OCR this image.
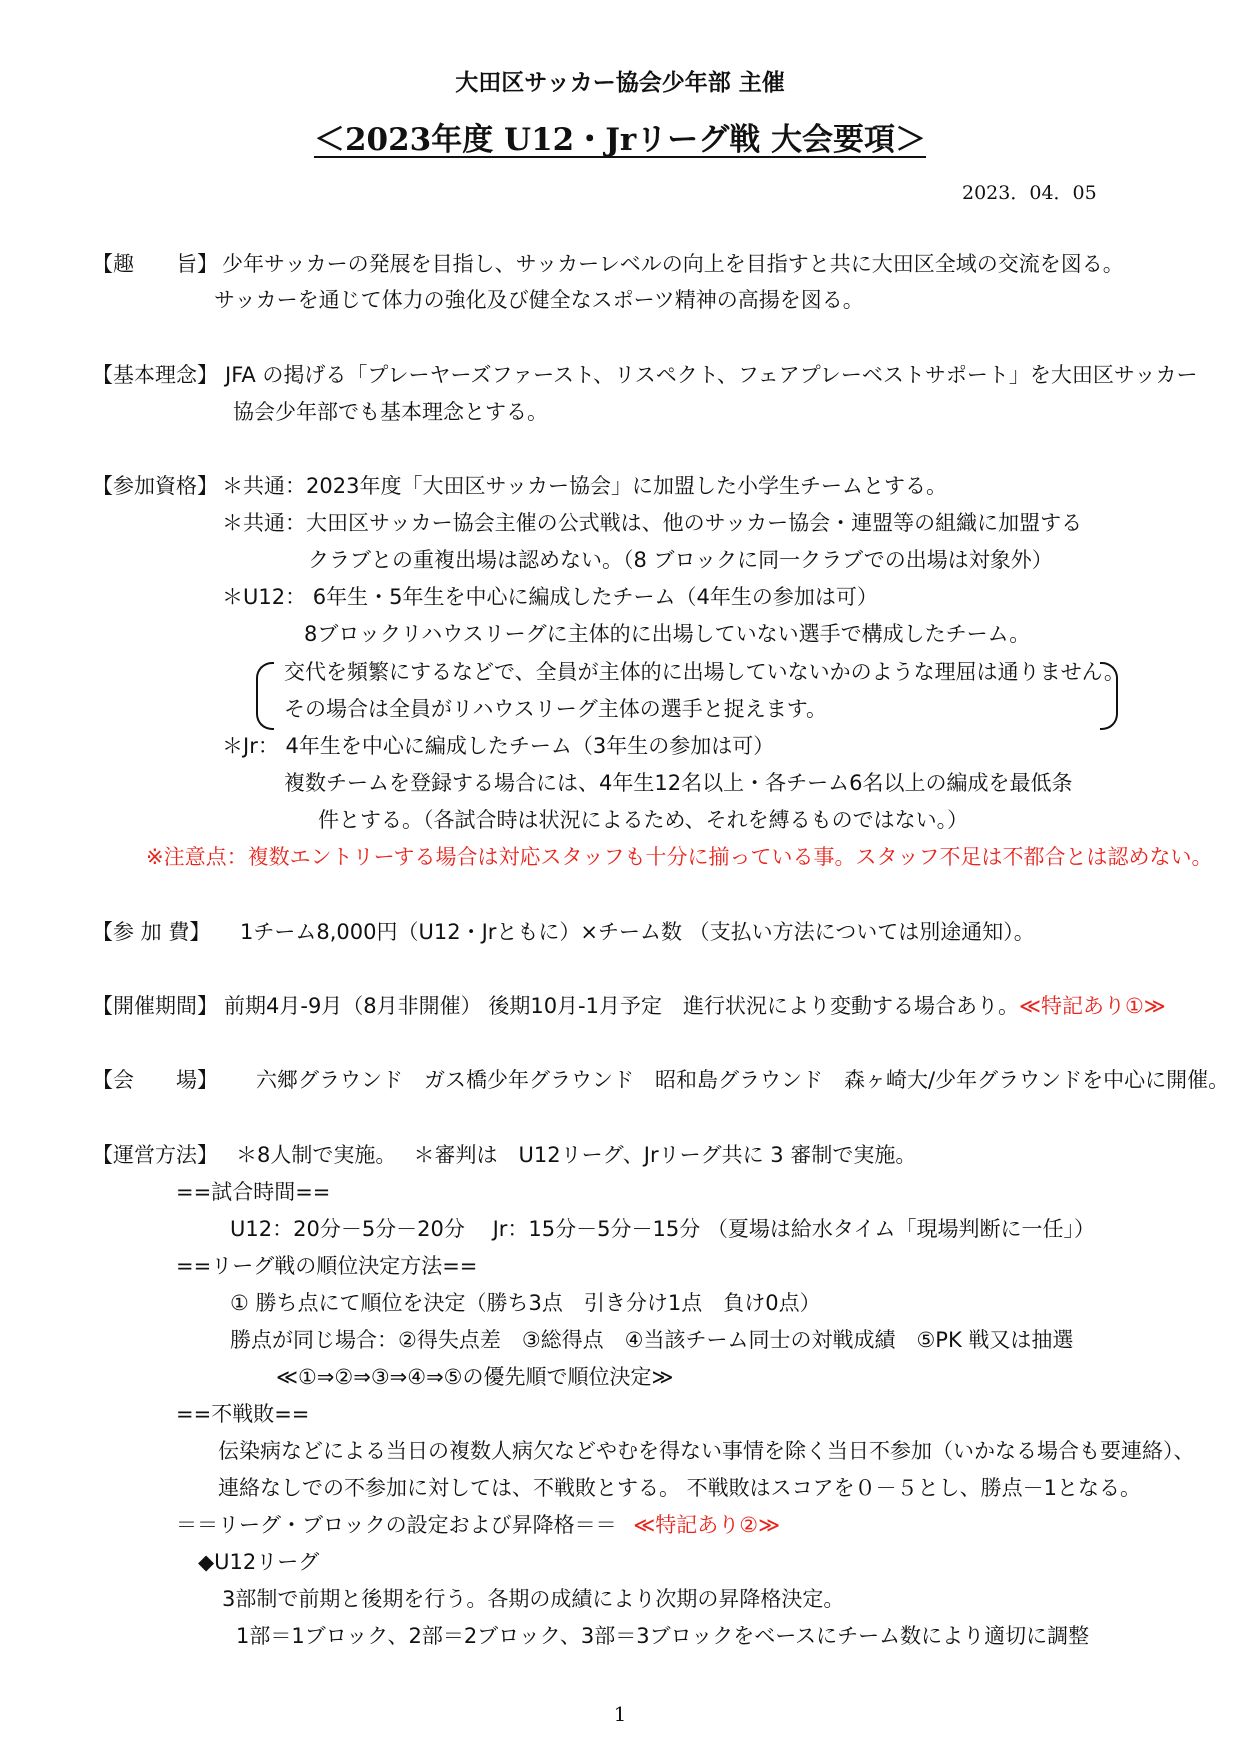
大田区サッカー協会少年部 主催
＜2023年度 U12・Jrリーグ戦 大会要項＞
2023．04．05
【趣　　旨】 少年サッカーの発展を目指し、サッカーレベルの向上を目指すと共に大田区全域の交流を図る。
サッカーを通じて体力の強化及び健全なスポーツ精神の高揚を図る。
【基本理念】 JFA の掲げる「プレーヤーズファースト、リスペクト、フェアプレーベストサポート」を大田区サッカー
協会少年部でも基本理念とする。
【参加資格】 ＊共通：2023年度「大田区サッカー協会」に加盟した小学生チームとする。
＊共通：大田区サッカー協会主催の公式戦は、他のサッカー協会・連盟等の組織に加盟する
クラブとの重複出場は認めない。（8 ブロックに同一クラブでの出場は対象外）
＊U12： 6年生・5年生を中心に編成したチーム（4年生の参加は可）
8ブロックリハウスリーグに主体的に出場していない選手で構成したチーム。
交代を頻繁にするなどで、全員が主体的に出場していないかのような理屈は通りません。
その場合は全員がリハウスリーグ主体の選手と捉えます。
＊Jr： 4年生を中心に編成したチーム（3年生の参加は可）
複数チームを登録する場合には、4年生12名以上・各チーム6名以上の編成を最低条
件とする。（各試合時は状況によるため、それを縛るものではない。）
※注意点：複数エントリーする場合は対応スタッフも十分に揃っている事。スタッフ不足は不都合とは認めない。
【参 加 費】 1チーム8,000円（U12・Jrともに）×チーム数 （支払い方法については別途通知）。
【開催期間】 前期4月-9月（8月非開催） 後期10月-1月予定　進行状況により変動する場合あり。≪特記あり①≫
【会　　場】 六郷グラウンド　ガス橋少年グラウンド　昭和島グラウンド　森ヶ崎大/少年グラウンドを中心に開催。
【運営方法】 ＊8人制で実施。　 ＊審判は　U12リーグ、Jrリーグ共に 3 審制で実施。
==試合時間==
U12：20分－5分－20分　 Jr：15分－5分－15分 （夏場は給水タイム「現場判断に一任」）
==リーグ戦の順位決定方法==
① 勝ち点にて順位を決定（勝ち3点　引き分け1点　負け0点）
勝点が同じ場合：②得失点差　③総得点　④当該チーム同士の対戦成績　⑤PK 戦又は抽選
≪①⇒②⇒③⇒④⇒⑤の優先順で順位決定≫
==不戦敗==
伝染病などによる当日の複数人病欠などやむを得ない事情を除く当日不参加（いかなる場合も要連絡）、
連絡なしでの不参加に対しては、不戦敗とする。 不戦敗はスコアを０－５とし、勝点－1となる。
＝＝リーグ・ブロックの設定および昇降格＝＝ ≪特記あり②≫
◆U12リーグ
3部制で前期と後期を行う。各期の成績により次期の昇降格決定。
1部＝1ブロック、2部＝2ブロック、3部＝3ブロックをベースにチーム数により適切に調整
1
